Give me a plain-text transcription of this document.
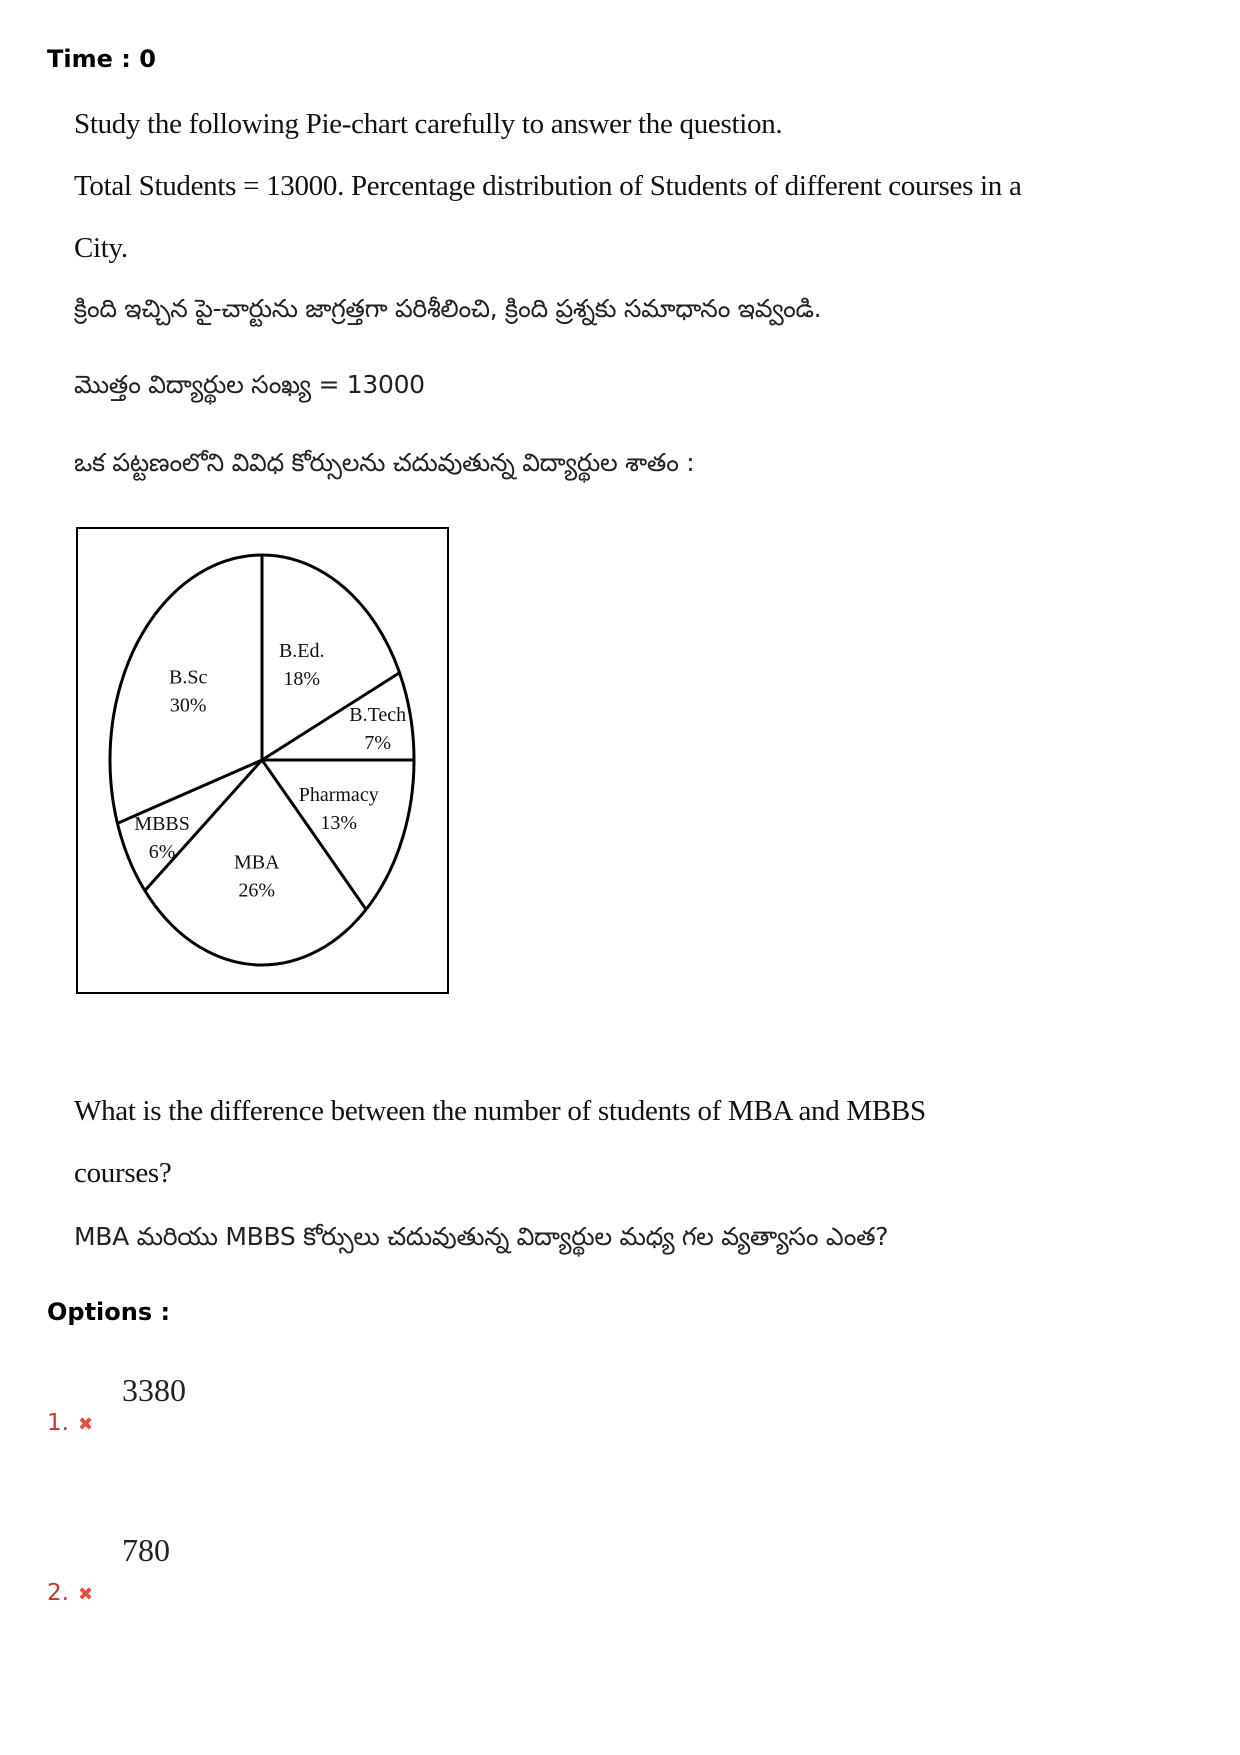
Time : 0
Study the following Pie-chart carefully to answer the question.
Total Students = 13000. Percentage distribution of Students of different courses in a
City.
క్రింది ఇచ్చిన పై-చార్టును జాగ్రత్తగా పరిశీలించి, క్రింది ప్రశ్నకు సమాధానం ఇవ్వండి.
మొత్తం విద్యార్థుల సంఖ్య = 13000
ఒక పట్టణంలోని వివిధ కోర్సులను చదువుతున్న విద్యార్థుల శాతం :
B.Ed.
18%
B.Tech
7%
Pharmacy
13%
MBA
26%
MBBS
6%
B.Sc
30%
What is the difference between the number of students of MBA and MBBS
courses?
MBA మరియు MBBS కోర్సులు చదువుతున్న విద్యార్థుల మధ్య గల వ్యత్యాసం ఎంత?
Options :
3380
1. ✖
780
2. ✖
